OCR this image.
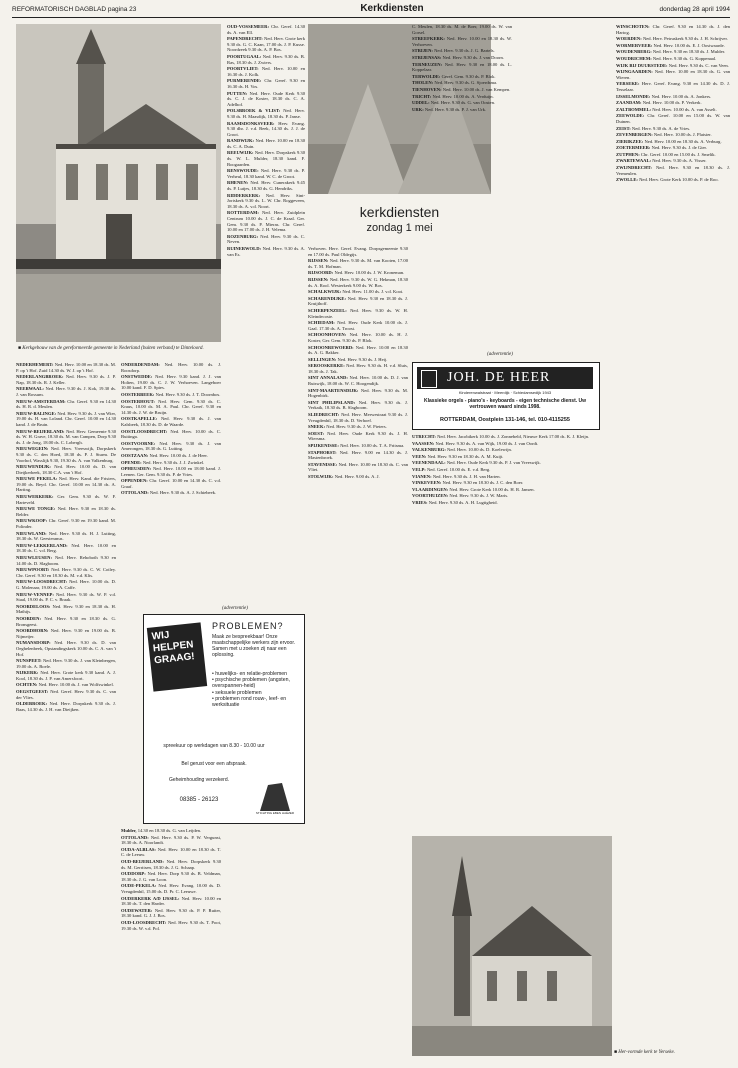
REFORMATORISCH DAGBLAD pagina 23	Kerkdiensten	donderdag 28 april 1994
■ Kerkgebouw van de gereformeerde gemeente in Nederland (buiten verband) te Dinteloord.
kerkdiensten
zondag 1 mei

NEDERHEMERT: Ned. Herv. 10.00 en 18.30 ds. M. P. op 't Hof. Zuid 14.30 ds. W. J. op 't Hof.

NEDERLANGBROEK: Ned. Herv. 9.30 ds. J. P. Nap, 18.30 ds. R. J. Keller.

NEERWAAL: Ned. Herv. 9.30 ds. J. Kok, 19.30 ds. J. van Rossum.

NIEUW-AMSTERDAM: Chr. Geref. 9.30 en 14.30 ds. H. R. d. Meulen.

NIEUW-BALINGE: Ned. Herv. 9.30 ds. J. van Wier, 19.00 ds. H. van Loland. Chr. Geref. 10.00 en 14.30 kand. J. de Bruin.

NIEUW-BEIJERLAND: Ned. Herv. Gemeente 9.30 ds. W. H. Grave, 18.30 ds. M. van Campen, Dorp 9.30 ds. J. de Jong, 18.00 ds. C. Lobergh.

NIEUWEGEIN: Ned. Herv. Vreeswijk, Dorpskerk 9.30 ds. C. den Hoed, 18.30 ds. P. J. Sturm. De Voorhof, Wasslijk 9.30, 19.30 ds. A. van Valkenburg.

NIEUWENDIJK: Ned. Herv. 10.00 ds. D. van Dieijkerbeek, 18.30 C.A. van 't Hof.

NIEUWE PEKELA: Ned. Herv. Kand. die Frisiers, 19.00 ds. Beyd. Chr. Geref. 10.00 en 14.30 ds. A. Harting.

NIEUWERKERK: Ger. Gem. 9.30 ds. W. F. Harteveld.

NIEUWE TONGE: Ned. Herv. 9.30 en 18.30 ds. Belder.

NIEUWKOOP: Chr. Geref. 9.30 en 19.30 kand. M. Polinder.

NIEUWLAND: Ned. Herv. 9.30 ds. H. J. Lutting, 18.30 ds. W. Geesteranus.

NIEUW-LEKKERLAND: Ned. Herv. 10.00 en 18.30 ds. C. v.d. Berg.

NIEUWLEUSEN: Ned. Herv. Rehoboth 9.30 en 14.00 ds. D. Slagboom.

NIEUWPOORT: Ned. Herv. 9.30 ds. C. W. Coiley. Chr. Geref. 9.30 en 18.30 ds. M. v.d. Klis.

NIEUW-LOOSDRECHT: Ned. Herv. 10.00 ds. D. G. Molenaar, 19.00 ds. A. Caffe.

NIEUW-VENNEP: Ned. Herv. 9.30 ds. W. P. v.d. Staal, 19.00 ds. P. C. v. Braak.

NOORDELOOS: Ned. Herv. 9.30 en 18.30 ds. H. Mathijs.

NOORDEN: Ned. Herv. 9.30 en 18.30 ds. G. Bronsgeest.

NOORDHORN: Ned. Herv. 9.30 en 19.00 ds. B. Nijmeijer.

NUMANSDORP: Ned. Herv. 9.30 ds. D. van Oeghelenbeek, Opstandingskerk 10.00 ds. C. A. van 't Hof.

NUNSPEET: Ned. Herv. 9.30 ds. J. van Kleinbergen, 19.00 ds. A. Boele.

NIJKERK: Ned. Herv. Grote kerk 9.30 kand. A. J. Kool, 18.30 ds. J. P. van Amersfoort.

OCHTEN: Ned. Herv. 10.00 ds. J. van Wolfswinkel.

OEGSTGEEST: Ned. Geref. Herv. 9.30 ds. C. van der Vlies.

OLDEBROEK: Ned. Herv. Dorpskerk 9.30 ds. J. Baas, 14.30 ds. J. H. van Dieijken.

ONDERDENDAM: Ned. Herv. 10.00 ds. J. Roosdorp.

ONSTWEDDE: Ned. Herv. 9.30 kand. J. J. van Holten, 19.00 ds. C. J. W. Verhoeven. Langeboer 10.00 kand. F. D. Spies.

OOSTERBEEK: Ned. Herv. 9.30 ds. J. T. Doornbos.

OOSTERHOUT: Ned. Herv. Gem. 9.30 ds. C. Kraus, 10.00 ds. M. A. Paul. Chr. Geref. 9.30 en 14.30 ds. J. W. de Bruijn.

OOSTKAPELLE: Ned. Herv. 9.30 ds. J. van Kalsbeek, 18.30 ds. D. de Waarde.

OOSTLOOSDRECHT: Ned. Herv. 10.00 ds. C. Buitinga.

OOSTVOORNE: Ned. Herv. 9.30 ds. J. van Amerongen, 18.30 ds. G. Lutting.

OOSTZAAN: Ned. Herv. 10.00 ds. J. de Heer.

OPENDE: Ned. Herv. 9.30 ds. J. J. Zwinkel.

OPHEUSDEN: Ned. Herv. 10.00 en 18.00 kand. J. Leenen. Ger. Gem. 9.30 ds. P. de Vries.

OPPENDEN: Chr. Geref. 10.00 en 14.30 ds. C. v.d. Graaf.

OTTOLAND: Ned. Herv. 9.30 ds. A. J. Schiebeek.

OUD-VOSSEMEER: Chr. Geref. 14.30 ds. A. van Ell.

PAPENDRECHT: Ned. Herv. Grote kerk 9.30 ds. G. C. Kaan, 17.00 ds. J. P. Kusse. Noordzeek 9.30 ds. A. P. Bos.

POORTUGAAL: Ned. Herv. 9.30 ds. B. Ras, 18.30 ds. J. Zwiers.

POORTVLIET: Ned. Herv. 10.00 en 16.30 ds. J. Kolk.

PURMERENDE: Chr. Geref. 9.30 en 16.30 ds. H. Vos.

PUTTEN: Ned. Herv. Oude Kerk 9.30 ds. C. J. de Koster, 18.30 ds. C. A. Adelhof.

POLSBROEK & VLIST: Ned. Herv. 9.30 ds. H. Maasdijk, 18.30 ds. P. Janse.

RAAMSDONKSVEER: Herv. Evang. 9.30 dhr. J. v.d. Beek, 14.30 ds. J. J. de Groot.

RANDWIJK: Ned. Herv. 10.00 en 18.30 ds. C. A. Duin.

REEUWIJK: Ned. Herv. Dorpskerk 9.30 ds. W. L. Mulder, 18.30 kand. F. Boogaarden.

RENSWOUDE: Ned. Herv. 9.30 ds. P. Verheul, 18.30 kand. W. C. de Groot.

RHENEN: Ned. Herv. Cunerakerk 9.45 ds. P. Lutjes, 18.30 ds. G. Hendriks.

RIDDERKERK: Ned. Herv. Sint-Joriskerk 9.30 ds. L. W. Chr. Roggeveen, 18.30 ds. A. v.d. Noort.

ROTTERDAM: Ned. Herv. Zuidplein Centrum 10.00 ds. J. C. de Kraal. Ger. Gem. 9.30 ds. P. Mieras. Chr. Geref. 10.00 en 17.00 ds. J. H. Velema.

ROZENBURG: Ned. Herv. 9.30 ds. C. Neven.

RUINERWOLD: Ned. Herv. 9.30 ds. A. van Es.

(advertentie)
WIJ
HELPEN
GRAAG!
PROBLEMEN?
Maak ze bespreekbaar! Onze maatschappelijke werkers zijn ervoor. Samen met u zoeken zij naar een oplossing.
• huwelijks- en relatie-problemen
• psychische problemen (angsten, overspannen-heid)
• seksuele problemen
• problemen rond rouw-, leef- en werksituatie
spreekuur op werkdagen van 8.30 - 10.00 uur
Bel gerust voor een afspraak.
Geheimhouding verzekerd.
08385 - 26123
STICHTING EBEN HAËZER

Mulder, 14.30 en 18.30 ds. G. van Leijden.

OTTOLAND: Ned. Herv. 9.30 ds. P. W. Vergunst, 18.30 ds. A. Noorlandt.

OUDA-ALBLAS: Ned. Herv. 10.00 en 18.30 ds. T. C. de Leeuw.

OUD-BEIJERLAND: Ned. Herv. Dorpskerk 9.30 ds. M. Gerritsen, 18.30 ds. J. G. Schaap.

OUDDORP: Ned. Herv. Dorp 9.30 ds. B. Veldman, 18.30 ds. J. G. van Loon.

OUDE-PEKELA: Ned. Herv. Evang. 10.00 ds. D. Vreugdenhil, 15.00 ds. D. Pr. C. Leeuwe.

OUDERKERK A/D IJSSEL: Ned. Herv. 10.00 en 18.30 ds. T. den Harder.

OUDEWATER: Ned. Herv. 9.30 ds. P. P. Ruiter, 18.30 kand. G. J. J. Bos.

OUD-LOOSDRECHT: Ned. Herv. 9.30 ds. T. Poot, 19.30 ds. W. v.d. Pol.

Verhoven. Herv. Geref. Evang. Dorpsgemeente 9.30 en 17.00 ds. Paul Oldegijs.

RIJSSEN: Ned. Herv. 9.30 ds. M. van Kooten, 17.00 ds. T. M. Hofman.

RIJSOORD: Ned. Herv. 10.00 ds. J. W. Kroneman.

RIJSSEN: Ned. Herv. 9.30 ds. W. G. Hekman, 18.30 ds. A. Rool. Westerkerk 9.00 ds. W. Bos.

SCHALKWIJK: Ned. Herv. 11.00 ds. J. v.d. Kooi.

SCHARENDIJKE: Ned. Herv. 9.30 en 18.30 ds. J. Kruijthoff.

SCHERPENZEEL: Ned. Herv. 9.30 ds. W. H. Kleindecoste.

SCHIEDAM: Ned. Herv. Oude Kerk 10.00 ds. J. Gaal. 17.30 ds. A. Troost.

SCHOONHOVEN: Ned. Herv. 10.00 ds. H. J. Koster, Ger. Gem. 9.30 ds. P. Blok.

SCHOONREWOERD: Ned. Herv. 10.00 en 18.30 ds. A. G. Bakker.

SELLINGEN: Ned. Herv. 9.30 ds. J. Heij.

SEROOSKERKE: Ned. Herv. 9.30 ds. H. v.d. Sluis, 18.30 ds. J. Tak.

SINT ANNALAND: Ned. Herv. 10.00 ds. D. J. van Ruiswijk, 18.00 ds. W. C. Hoogendijk.

SINT-MAARTENSDIJK: Ned. Herv. 9.30 ds. M. Hogenbirk.

SINT PHILIPSLAND: Ned. Herv. 9.30 ds. J. Verkaik, 18.30 ds. B. Slagboom.

SLIEDRECHT: Ned. Herv. Merwestraat 9.30 ds. J. Vreugdenhil, 18.30 ds. D. Verhoef.

SNEEK: Ned. Herv. 9.30 ds. J. W. Pieters.

SOEST: Ned. Herv. Oude Kerk 9.30 ds. J. H. Wiersma.

SPIJKENISSE: Ned. Herv. 10.00 ds. T. A. Fritsma.

STAPHORST: Ned. Herv. 9.00 en 14.30 ds. J. Mastenbroek.

STAVENISSE: Ned. Herv. 10.00 en 18.30 ds. C. van Vliet.

STOLWIJK: Ned. Herv. 9.00 ds. A. J.

C. Meulen, 18.30 ds. M. de Boer, 19.00 ds. W. van Gorsel.

STREEFKERK: Ned. Herv. 10.00 en 18.30 ds. W. Verhoeven.

STRIJEN: Ned. Herv. 9.30 ds. J. G. Bartels.

STRIJENSAS: Ned. Herv. 9.30 ds. J. van Doorn.

TERNEUZEN: Ned. Herv. 9.30 en 18.00 ds. L. Koppelaar.

TERWOLDE: Geref. Gem. 9.30 ds. P. Blok.

THOLEN: Ned. Herv. 9.30 ds. G. Sjoerdsma.

TIENHOVEN: Ned. Herv. 10.00 ds. J. van Kempen.

TRICHT: Ned. Herv. 10.00 ds. A. Verduijn.

UDDEL: Ned. Herv. 9.30 ds. G. van Oosten.

URK: Ned. Herv. 9.30 ds. P. J. van Urk.

(advertentie)
JOH. DE HEER
Kinderenwalstraat · Meerdijk · Schiedamsedijk 1943
Klassieke orgels - piano's - keyboards - eigen technische dienst. Uw vertrouwen waard sinds 1998.
ROTTERDAM, Oostplein 131-146, tel. 010-4115255

UTRECHT: Ned. Herv. Jacobikerk 10.00 ds. J. Zonnebeld, Nieuwe Kerk 17.00 ds. K. J. Kleijn.

VAASSEN: Ned. Herv. 9.30 ds. A. van Wijk, 19.00 ds. J. van Oordt.

VALKENBURG: Ned. Herv. 10.00 ds. D. Koelewijn.

VEEN: Ned. Herv. 9.30 en 18.30 ds. A. M. Kuijt.

VEENENDAAL: Ned. Herv. Oude Kerk 9.30 ds. P. J. van Vreeswijk.

VELP: Ned. Geref. 10.00 ds. E. v.d. Berg.

VIANEN: Ned. Herv. 9.30 ds. J. H. van Harten.

VINKEVEEN: Ned. Herv. 9.30 en 18.30 ds. J. C. den Boer.

VLAARDINGEN: Ned. Herv. Grote Kerk 10.00 ds. H. R. Jansen.

VOORTHUIZEN: Ned. Herv. 9.30 ds. J. W. Maris.

VRIES: Ned. Herv. 9.30 ds. A. H. Lugtigheid.

■ Her-vormde kerk te Yerseke.

WINSCHOTEN: Chr. Geref. 9.30 en 14.30 ds. J. den Hartog.

WOERDEN: Ned. Herv. Petruskerk 9.30 ds. J. H. Schrijver.

WORMERVEER: Ned. Herv. 10.00 ds. E. J. Oostwaarde.

WOUDENBERG: Ned. Herv. 9.30 en 18.30 ds. J. Mulder.

WOUDRICHEM: Ned. Herv. 9.30 ds. G. Koppenaal.

WIJK BIJ DUURSTEDE: Ned. Herv. 9.30 ds. C. van Veen.

WIJNGAARDEN: Ned. Herv. 10.00 en 18.30 ds. G. van Wieren.

YERSEKE: Herv. Geref. Evang. 9.30 en 14.30 ds. D. J. Tesselaar.

IJSSELMONDE: Ned. Herv. 10.00 ds. A. Jonkers.

ZAANDAM: Ned. Herv. 10.00 ds. P. Verkerk.

ZALTBOMMEL: Ned. Herv. 10.00 ds. A. van Asselt.

ZEEWOLDE: Chr. Geref. 10.00 en 15.00 ds. W. van Duinen.

ZEIST: Ned. Herv. 9.30 ds. A. de Vries.

ZEVENBERGEN: Ned. Herv. 10.00 ds. J. Plaisier.

ZIERIKZEE: Ned. Herv. 10.00 en 18.30 ds. A. Verburg.

ZOETERMEER: Ned. Herv. 9.30 ds. J. de Gier.

ZUTPHEN: Chr. Geref. 10.00 en 15.00 ds. J. Smelik.

ZWARTEWAAL: Ned. Herv. 9.30 ds. A. Visser.

ZWIJNDRECHT: Ned. Herv. 9.30 en 18.30 ds. J. Vermeulen.

ZWOLLE: Ned. Herv. Grote Kerk 10.00 ds. P. de Roo.
